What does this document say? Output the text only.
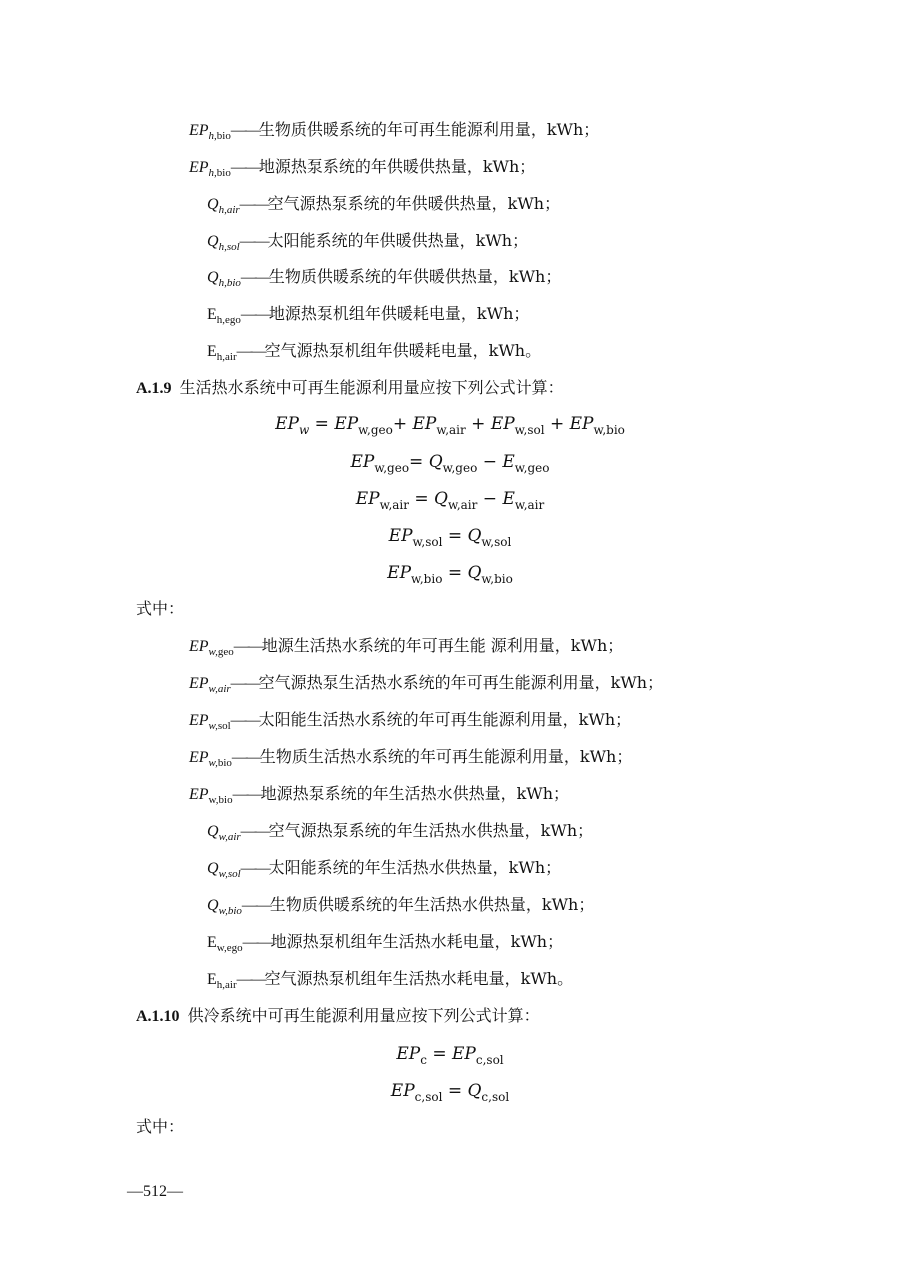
$EP_{h,bio}——$生物质供暖系统的年可再生能源利用量，kWh；
$EP_{h,bio}——$地源热泵系统的年供暖供热量，kWh；
$Q_{h,air}——$空气源热泵系统的年供暖供热量，kWh；
$Q_{h,sol}——$太阳能系统的年供暖供热量，kWh；
$Q_{h,bio}——$生物质供暖系统的年供暖供热量，kWh；
$E_{h,ego}——$地源热泵机组年供暖耗电量，kWh；
$E_{h,air}——$空气源热泵机组年供暖耗电量，kWh。
A.1.9 生活热水系统中可再生能源利用量应按下列公式计算：
$EP_w = EP_{w,geo}+ EP_{w,air} + EP_{w,sol} + EP_{w,bio}$
$EP_{w,geo}= Q_{w,geo} - E_{w,geo}$
$EP_{w,air} = Q_{w,air} - E_{w,air}$
$EP_{w,sol} = Q_{w,sol}$
$EP_{w,bio} = Q_{w,bio}$
式中：
$EP_{w,geo}——$地源生活热水系统的年可再生能 源利用量，kWh；
$EP_{w,air}——$空气源热泵生活热水系统的年可再生能源利用量，kWh；
$EP_{w,sol}——$太阳能生活热水系统的年可再生能源利用量，kWh；
$EP_{w,bio}——$生物质生活热水系统的年可再生能源利用量，kWh；
$EP_{w,bio}——$地源热泵系统的年生活热水供热量，kWh；
$Q_{w,air}——$空气源热泵系统的年生活热水供热量，kWh；
$Q_{w,sol}——$太阳能系统的年生活热水供热量，kWh；
$Q_{w,bio}——$生物质供暖系统的年生活热水供热量，kWh；
$E_{w,ego}——$地源热泵机组年生活热水耗电量，kWh；
$E_{h,air}——$空气源热泵机组年生活热水耗电量，kWh。
A.1.10 供冷系统中可再生能源利用量应按下列公式计算：
$EP_c = EP_{c,sol}$
$EP_{c,sol} = Q_{c,sol}$
式中：
—512—
